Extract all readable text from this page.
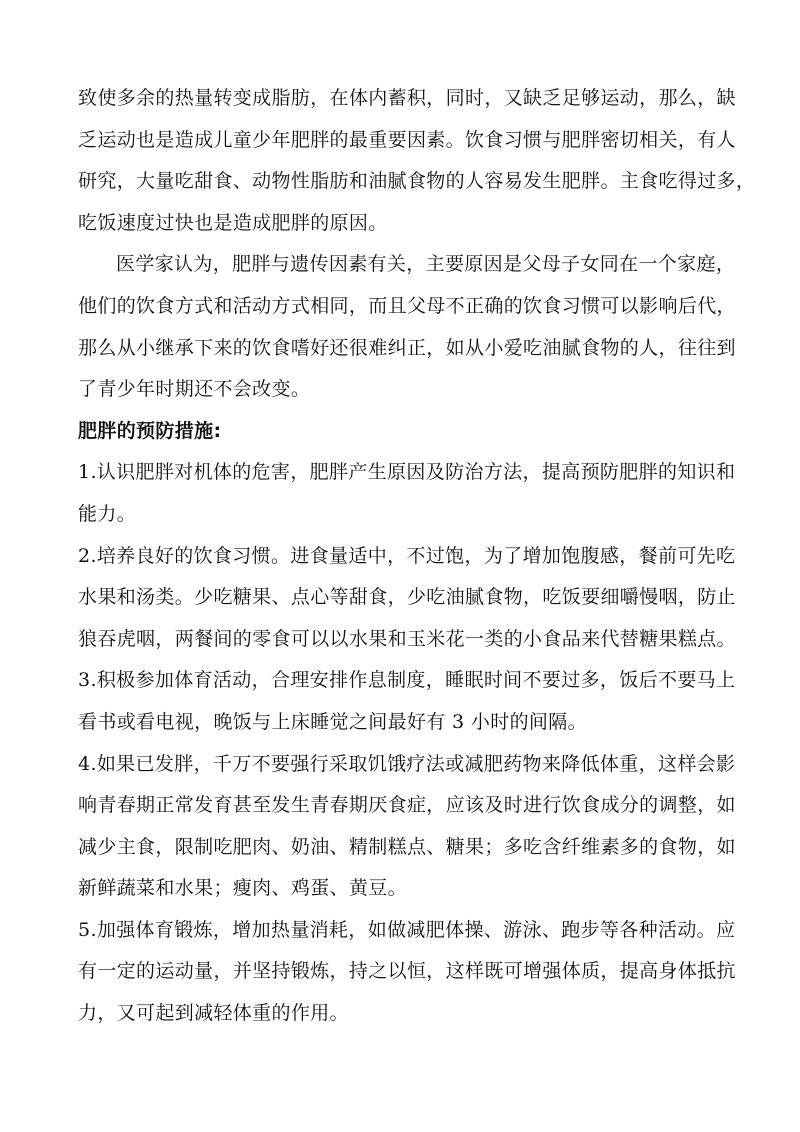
致使多余的热量转变成脂肪，在体内蓄积，同时，又缺乏足够运动，那么，缺
乏运动也是造成儿童少年肥胖的最重要因素。饮食习惯与肥胖密切相关，有人
研究，大量吃甜食、动物性脂肪和油腻食物的人容易发生肥胖。主食吃得过多，
吃饭速度过快也是造成肥胖的原因。
医学家认为，肥胖与遗传因素有关，主要原因是父母子女同在一个家庭，
他们的饮食方式和活动方式相同，而且父母不正确的饮食习惯可以影响后代，
那么从小继承下来的饮食嗜好还很难纠正，如从小爱吃油腻食物的人，往往到
了青少年时期还不会改变。
肥胖的预防措施:
1.认识肥胖对机体的危害，肥胖产生原因及防治方法，提高预防肥胖的知识和
能力。
2.培养良好的饮食习惯。进食量适中，不过饱，为了增加饱腹感，餐前可先吃
水果和汤类。少吃糖果、点心等甜食，少吃油腻食物，吃饭要细嚼慢咽，防止
狼吞虎咽，两餐间的零食可以以水果和玉米花一类的小食品来代替糖果糕点。
3.积极参加体育活动，合理安排作息制度，睡眠时间不要过多，饭后不要马上
看书或看电视，晚饭与上床睡觉之间最好有 3 小时的间隔。
4.如果已发胖，千万不要强行采取饥饿疗法或减肥药物来降低体重，这样会影
响青春期正常发育甚至发生青春期厌食症，应该及时进行饮食成分的调整，如
减少主食，限制吃肥肉、奶油、精制糕点、糖果；多吃含纤维素多的食物，如
新鲜蔬菜和水果；瘦肉、鸡蛋、黄豆。
5.加强体育锻炼，增加热量消耗，如做减肥体操、游泳、跑步等各种活动。应
有一定的运动量，并坚持锻炼，持之以恒，这样既可增强体质，提高身体抵抗
力，又可起到减轻体重的作用。
